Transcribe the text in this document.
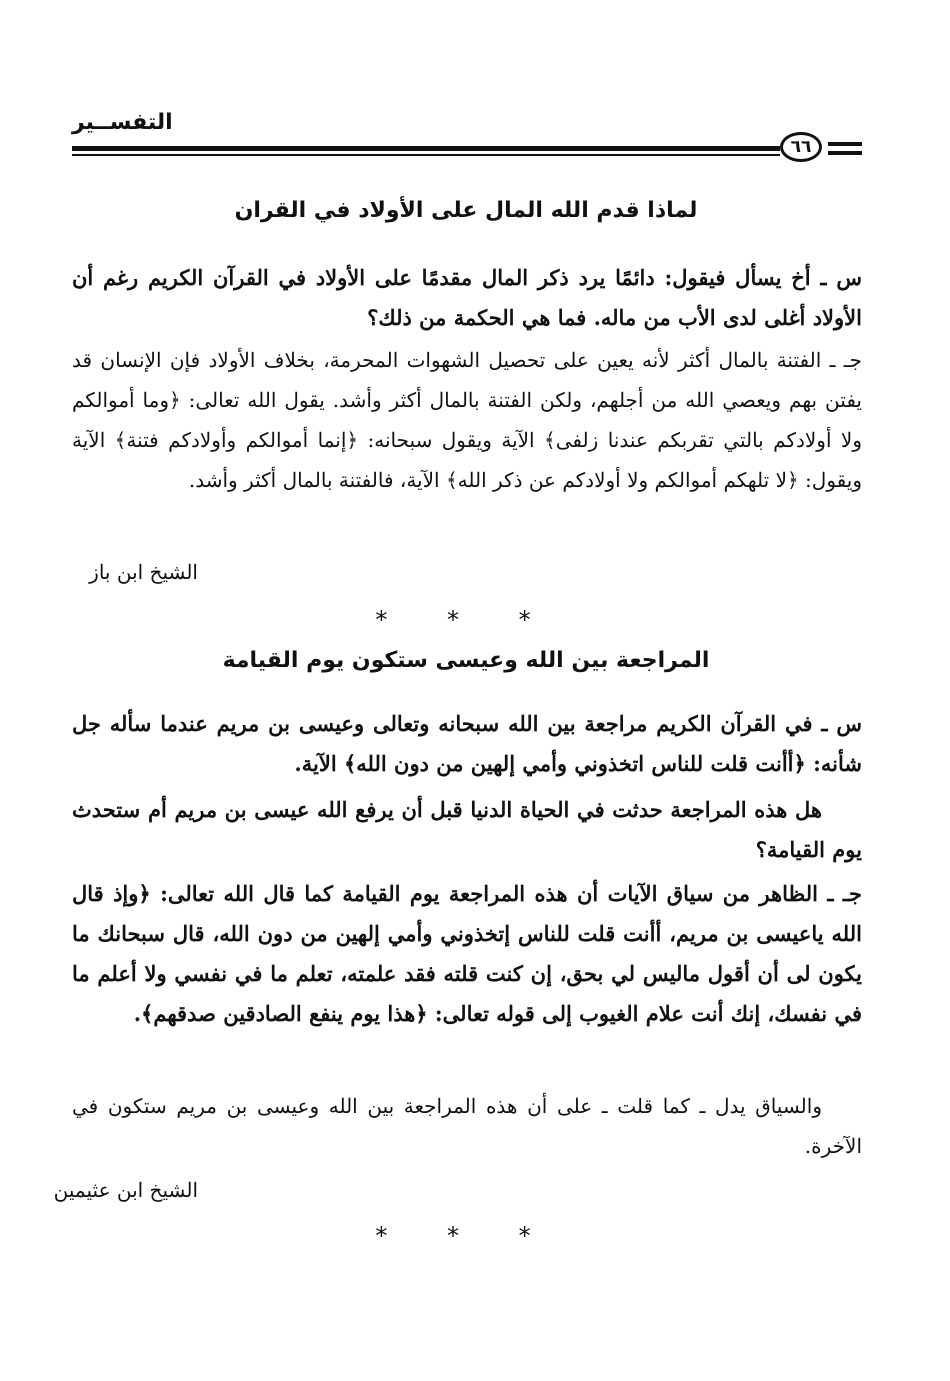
التفســير
٦٦
لماذا قدم الله المال على الأولاد في القران

س ـ أخ يسأل فيقول: دائمًا يرد ذكر المال مقدمًا على الأولاد في القرآن الكريم رغم أن الأولاد أغلى لدى الأب من ماله. فما هي الحكمة من ذلك؟

جـ ـ الفتنة بالمال أكثر لأنه يعين على تحصيل الشهوات المحرمة، بخلاف الأولاد فإن الإنسان قد يفتن بهم ويعصي الله من أجلهم، ولكن الفتنة بالمال أكثر وأشد. يقول الله تعالى: ﴿وما أموالكم ولا أولادكم بالتي تقربكم عندنا زلفى﴾ الآية ويقول سبحانه: ﴿إنما أموالكم وأولادكم فتنة﴾ الآية ويقول: ﴿لا تلهكم أموالكم ولا أولادكم عن ذكر الله﴾ الآية، فالفتنة بالمال أكثر وأشد.

الشيخ ابن باز
* * *
المراجعة بين الله وعيسى ستكون يوم القيامة

س ـ في القرآن الكريم مراجعة بين الله سبحانه وتعالى وعيسى بن مريم عندما سأله جل شأنه: ﴿أأنت قلت للناس اتخذوني وأمي إلهين من دون الله﴾ الآية.

هل هذه المراجعة حدثت في الحياة الدنيا قبل أن يرفع الله عيسى بن مريم أم ستحدث يوم القيامة؟

جـ ـ الظاهر من سياق الآيات أن هذه المراجعة يوم القيامة كما قال الله تعالى: ﴿وإذ قال الله ياعيسى بن مريم، أأنت قلت للناس إتخذوني وأمي إلهين من دون الله، قال سبحانك ما يكون لى أن أقول ماليس لي بحق، إن كنت قلته فقد علمته، تعلم ما في نفسي ولا أعلم ما في نفسك، إنك أنت علام الغيوب إلى قوله تعالى: ﴿هذا يوم ينفع الصادقين صدقهم﴾.

والسياق يدل ـ كما قلت ـ على أن هذه المراجعة بين الله وعيسى بن مريم ستكون في الآخرة.

الشيخ ابن عثيمين
* * *
